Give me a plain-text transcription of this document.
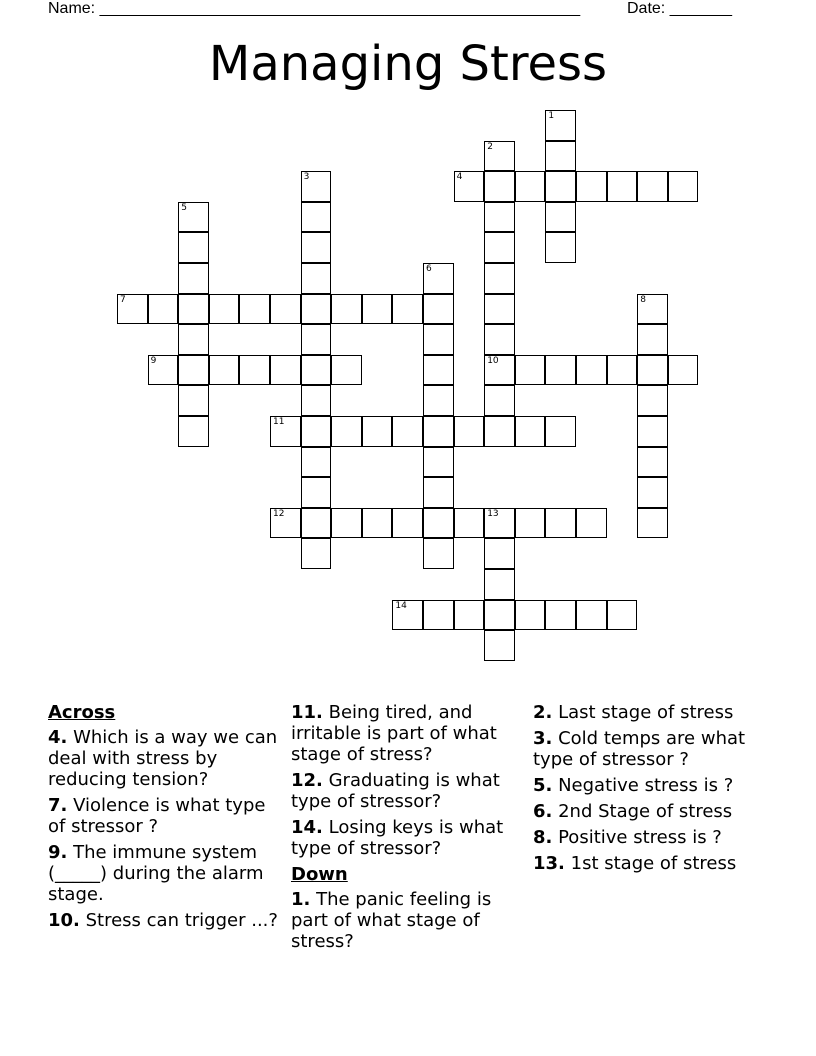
Name: ______________________________________________________	Date: _______
Managing Stress
1
2
10
3	4
5
6
7	8
9
11
12	13
14
Across
4. Which is a way we can deal with stress by reducing tension?
7. Violence is what type of stressor ?
9. The immune system (_____) during the alarm stage.
10. Stress can trigger ...?
11. Being tired, and irritable is part of what stage of stress?
12. Graduating is what type of stressor?
14. Losing keys is what type of stressor?
Down
1. The panic feeling is part of what stage of stress?
2. Last stage of stress
3. Cold temps are what type of stressor ?
5. Negative stress is ?
6. 2nd Stage of stress
8. Positive stress is ?
13. 1st stage of stress
